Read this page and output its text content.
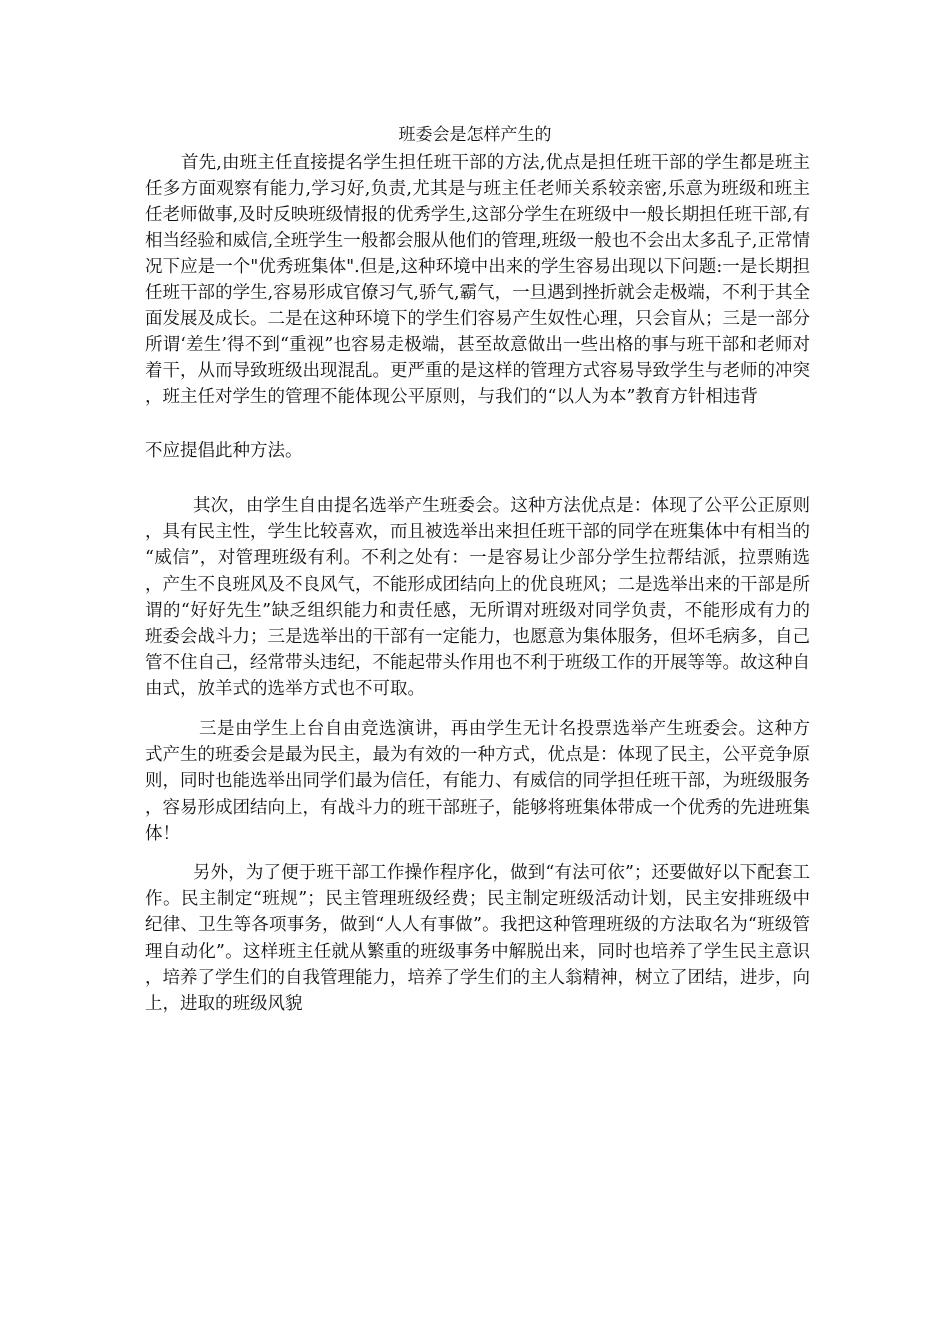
班委会是怎样产生的

首先,由班主任直接提名学生担任班干部的方法,优点是担任班干部的学生都是班主任多方面观察有能力,学习好,负责,尤其是与班主任老师关系较亲密,乐意为班级和班主任老师做事,及时反映班级情报的优秀学生,这部分学生在班级中一般长期担任班干部,有相当经验和威信,全班学生一般都会服从他们的管理,班级一般也不会出太多乱子,正常情况下应是一个"优秀班集体".但是,这种环境中出来的学生容易出现以下问题:一是长期担任班干部的学生,容易形成官僚习气,骄气,霸气，一旦遇到挫折就会走极端，不利于其全面发展及成长。二是在这种环境下的学生们容易产生奴性心理，只会盲从；三是一部分所谓‘差生’得不到“重视”也容易走极端，甚至故意做出一些出格的事与班干部和老师对着干，从而导致班级出现混乱。更严重的是这样的管理方式容易导致学生与老师的冲突，班主任对学生的管理不能体现公平原则，与我们的“以人为本”教育方针相违背

不应提倡此种方法。

其次，由学生自由提名选举产生班委会。这种方法优点是：体现了公平公正原则，具有民主性，学生比较喜欢，而且被选举出来担任班干部的同学在班集体中有相当的“威信”，对管理班级有利。不利之处有：一是容易让少部分学生拉帮结派，拉票贿选，产生不良班风及不良风气，不能形成团结向上的优良班风；二是选举出来的干部是所谓的“好好先生”缺乏组织能力和责任感，无所谓对班级对同学负责，不能形成有力的班委会战斗力；三是选举出的干部有一定能力，也愿意为集体服务，但坏毛病多，自己管不住自己，经常带头违纪，不能起带头作用也不利于班级工作的开展等等。故这种自由式，放羊式的选举方式也不可取。

三是由学生上台自由竞选演讲，再由学生无计名投票选举产生班委会。这种方式产生的班委会是最为民主，最为有效的一种方式，优点是：体现了民主，公平竞争原则，同时也能选举出同学们最为信任，有能力、有威信的同学担任班干部，为班级服务，容易形成团结向上，有战斗力的班干部班子，能够将班集体带成一个优秀的先进班集体！

另外，为了便于班干部工作操作程序化，做到“有法可依”；还要做好以下配套工作。民主制定“班规”；民主管理班级经费；民主制定班级活动计划，民主安排班级中纪律、卫生等各项事务，做到“人人有事做”。我把这种管理班级的方法取名为“班级管理自动化”。这样班主任就从繁重的班级事务中解脱出来，同时也培养了学生民主意识，培养了学生们的自我管理能力，培养了学生们的主人翁精神，树立了团结，进步，向上，进取的班级风貌
